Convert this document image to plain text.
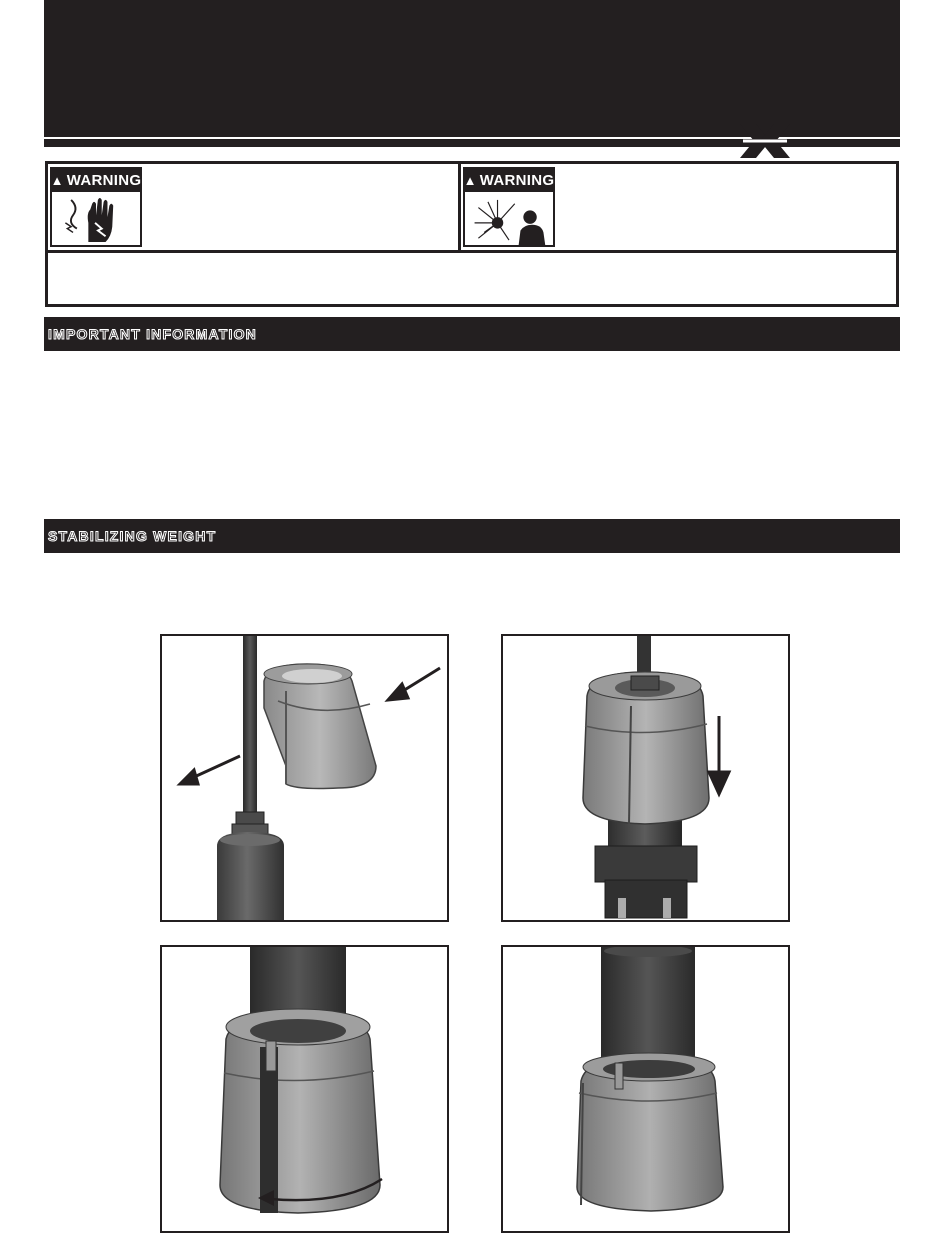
▲ WARNING	▲ WARNING
IMPORTANT INFORMATION
STABILIZING WEIGHT
